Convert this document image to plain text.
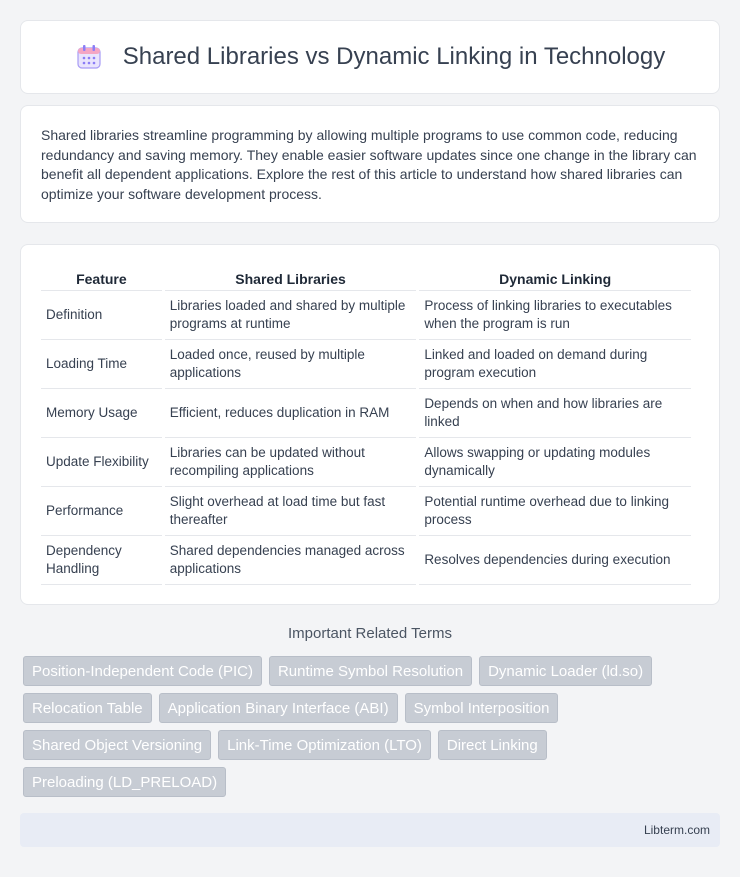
Shared Libraries vs Dynamic Linking in Technology

Shared libraries streamline programming by allowing multiple programs to use common code, reducing redundancy and saving memory. They enable easier software updates since one change in the library can benefit all dependent applications. Explore the rest of this article to understand how shared libraries can optimize your software development process.

Feature	Shared Libraries	Dynamic Linking
Definition	Libraries loaded and shared by multiple programs at runtime	Process of linking libraries to executables when the program is run
Loading Time	Loaded once, reused by multiple applications	Linked and loaded on demand during program execution
Memory Usage	Efficient, reduces duplication in RAM	Depends on when and how libraries are linked
Update Flexibility	Libraries can be updated without recompiling applications	Allows swapping or updating modules dynamically
Performance	Slight overhead at load time but fast thereafter	Potential runtime overhead due to linking process
Dependency Handling	Shared dependencies managed across applications	Resolves dependencies during execution
Important Related Terms
Position-Independent Code (PIC)	Runtime Symbol Resolution	Dynamic Loader (ld.so)
Relocation Table	Application Binary Interface (ABI)	Symbol Interposition
Shared Object Versioning	Link-Time Optimization (LTO)	Direct Linking
Preloading (LD_PRELOAD)
Libterm.com
